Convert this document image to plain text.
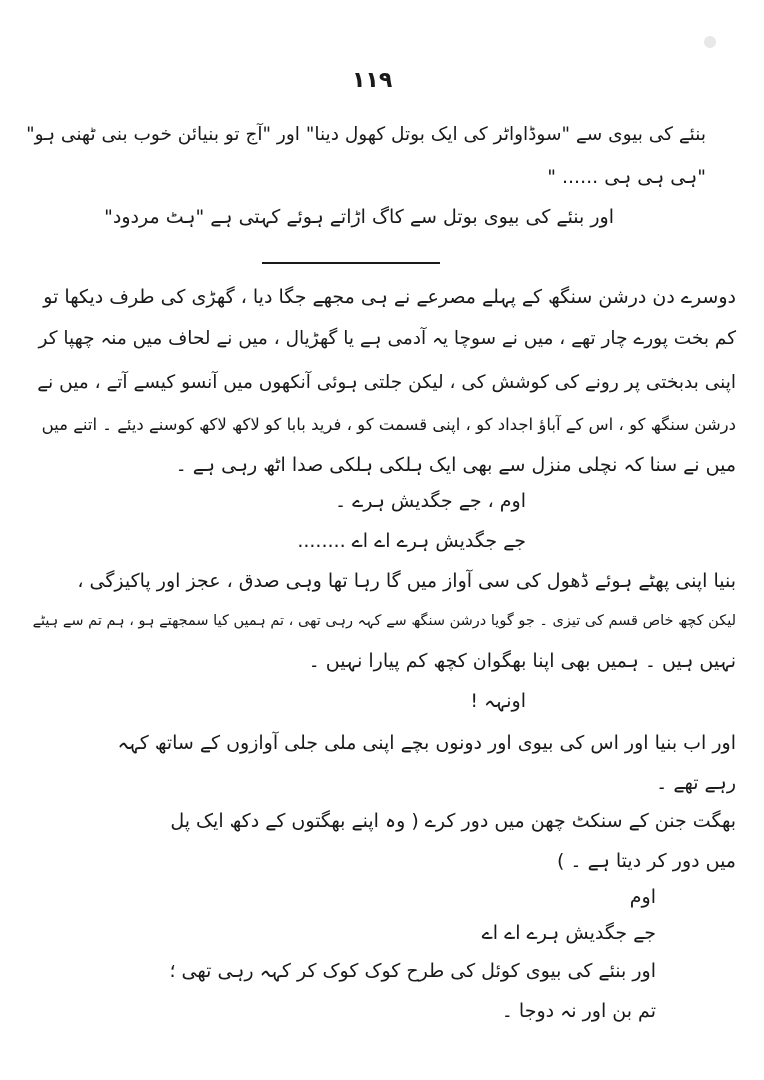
۱۱۹
بنئے کی بیوی سے "سوڈاواٹر کی ایک بوتل کھول دینا" اور "آج تو بنیائن خوب بنی ٹھنی ہو"
"ہی ہی ہی ...... "
اور بنئے کی بیوی بوتل سے کاگ اڑاتے ہوئے کہتی ہے "ہٹ مردود"
دوسرے دن درشن سنگھ کے پہلے مصرعے نے ہی مجھے جگا دیا ، گھڑی کی طرف دیکھا تو
کم بخت پورے چار تھے ، میں نے سوچا یہ آدمی ہے یا گھڑیال ، میں نے لحاف میں منہ چھپا کر
اپنی بدبختی پر رونے کی کوشش کی ، لیکن جلتی ہوئی آنکھوں میں آنسو کیسے آتے ، میں نے
درشن سنگھ کو ، اس کے آباؤ اجداد کو ، اپنی قسمت کو ، فرید بابا کو لاکھ لاکھ کوسنے دیئے ۔ اتنے میں
میں نے سنا کہ نچلی منزل سے بھی ایک ہلکی ہلکی صدا اٹھ رہی ہے ۔
اوم ، جے جگدیش ہرے ۔
جے جگدیش ہرے اے اے ........
بنیا اپنی پھٹے ہوئے ڈھول کی سی آواز میں گا رہا تھا وہی صدق ، عجز اور پاکیزگی ،
لیکن کچھ خاص قسم کی تیزی ۔ جو گویا درشن سنگھ سے کہہ رہی تھی ، تم ہمیں کیا سمجھتے ہو ، ہم تم سے ہیٹے
نہیں ہیں ۔ ہمیں بھی اپنا بھگوان کچھ کم پیارا نہیں ۔
اونہہ !
اور اب بنیا اور اس کی بیوی اور دونوں بچے اپنی ملی جلی آوازوں کے ساتھ کہہ
رہے تھے ۔
بھگت جنن کے سنکٹ چھن میں دور کرے ( وہ اپنے بھگتوں کے دکھ ایک پل
میں دور کر دیتا ہے ۔ )
اوم
جے جگدیش ہرے اے اے
اور بنئے کی بیوی کوئل کی طرح کوک کوک کر کہہ رہی تھی ؛
تم بن اور نہ دوجا ۔
